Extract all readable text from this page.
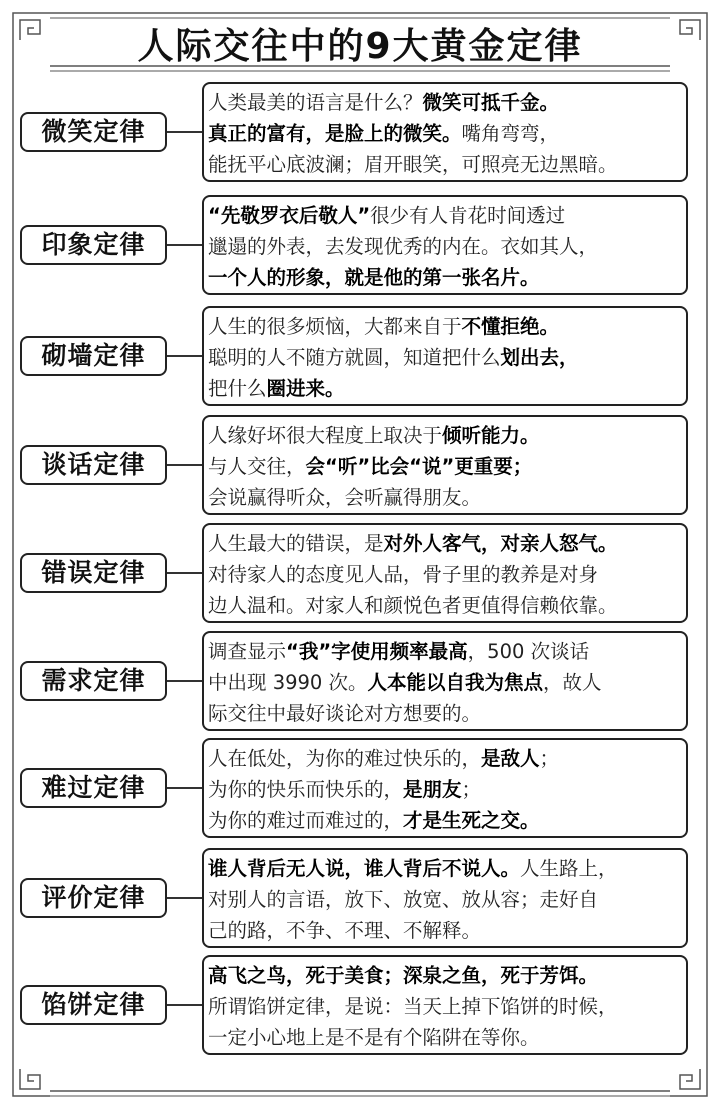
人际交往中的9大黄金定律
微笑定律
人类最美的语言是什么？微笑可抵千金。
真正的富有，是脸上的微笑。嘴角弯弯，
能抚平心底波澜；眉开眼笑，可照亮无边黑暗。
印象定律
“先敬罗衣后敬人”很少有人肯花时间透过
邋遢的外表，去发现优秀的内在。衣如其人，
一个人的形象，就是他的第一张名片。
砌墙定律
人生的很多烦恼，大都来自于不懂拒绝。
聪明的人不随方就圆，知道把什么划出去，
把什么圈进来。
谈话定律
人缘好坏很大程度上取决于倾听能力。
与人交往，会“听”比会“说”更重要；
会说赢得听众，会听赢得朋友。
错误定律
人生最大的错误，是对外人客气，对亲人怒气。
对待家人的态度见人品，骨子里的教养是对身
边人温和。对家人和颜悦色者更值得信赖依靠。
需求定律
调查显示“我”字使用频率最高，500 次谈话
中出现 3990 次。人本能以自我为焦点，故人
际交往中最好谈论对方想要的。
难过定律
人在低处，为你的难过快乐的，是敌人；
为你的快乐而快乐的，是朋友；
为你的难过而难过的，才是生死之交。
评价定律
谁人背后无人说，谁人背后不说人。人生路上，
对别人的言语，放下、放宽、放从容；走好自
己的路，不争、不理、不解释。
馅饼定律
高飞之鸟，死于美食；深泉之鱼，死于芳饵。
所谓馅饼定律，是说：当天上掉下馅饼的时候，
一定小心地上是不是有个陷阱在等你。
